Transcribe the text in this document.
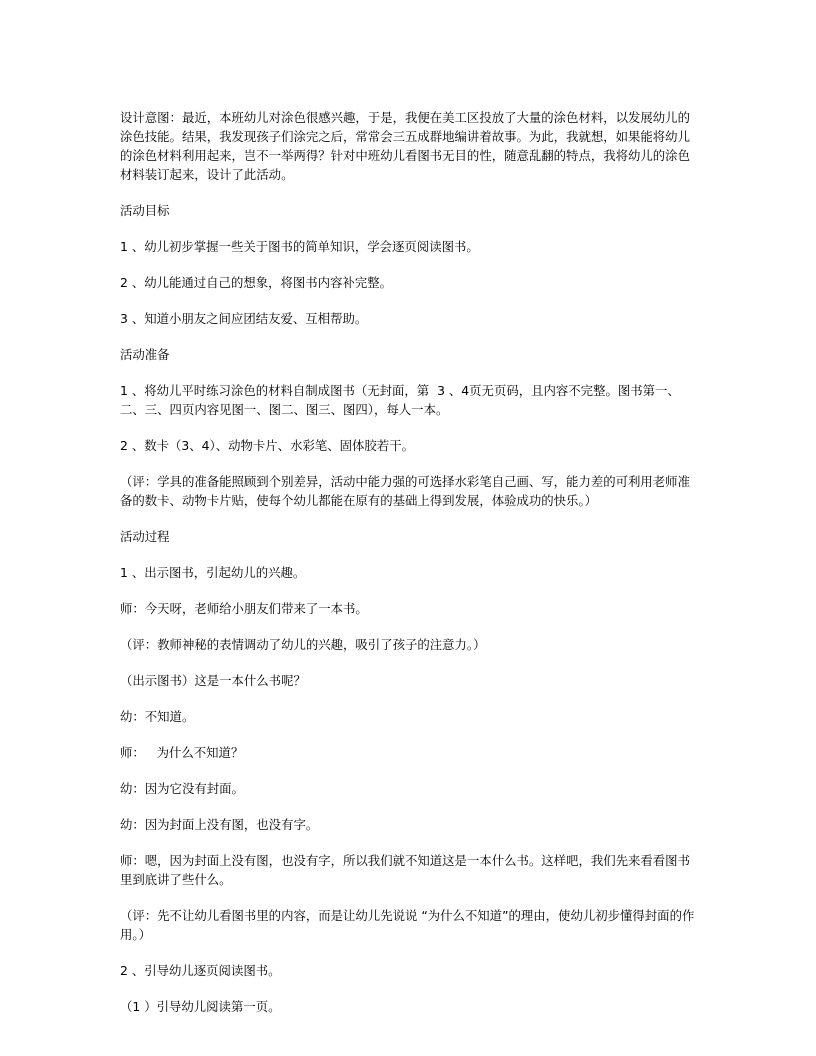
设计意图：最近，本班幼儿对涂色很感兴趣，于是，我便在美工区投放了大量的涂色材料，以发展幼儿的涂色技能。结果，我发现孩子们涂完之后，常常会三五成群地编讲着故事。为此，我就想，如果能将幼儿的涂色材料利用起来，岂不一举两得？针对中班幼儿看图书无目的性，随意乱翻的特点，我将幼儿的涂色材料装订起来，设计了此活动。

活动目标

1 、幼儿初步掌握一些关于图书的简单知识，学会逐页阅读图书。

2 、幼儿能通过自己的想象，将图书内容补完整。

3 、知道小朋友之间应团结友爱、互相帮助。

活动准备

1 、将幼儿平时练习涂色的材料自制成图书（无封面，第  3 、4页无页码，且内容不完整。图书第一、二、三、四页内容见图一、图二、图三、图四），每人一本。

2 、数卡（3、4）、动物卡片、水彩笔、固体胶若干。

（评：学具的准备能照顾到个别差异，活动中能力强的可选择水彩笔自己画、写，能力差的可利用老师准备的数卡、动物卡片贴，使每个幼儿都能在原有的基础上得到发展，体验成功的快乐。）

活动过程

1 、出示图书，引起幼儿的兴趣。

师：今天呀，老师给小朋友们带来了一本书。

（评：教师神秘的表情调动了幼儿的兴趣，吸引了孩子的注意力。）

（出示图书）这是一本什么书呢？

幼：不知道。

师：   为什么不知道？

幼：因为它没有封面。

幼：因为封面上没有图，也没有字。

师：嗯，因为封面上没有图，也没有字，所以我们就不知道这是一本什么书。这样吧，我们先来看看图书里到底讲了些什么。

（评：先不让幼儿看图书里的内容，而是让幼儿先说说 “为什么不知道”的理由，使幼儿初步懂得封面的作用。）

2 、引导幼儿逐页阅读图书。

（1 ）引导幼儿阅读第一页。
